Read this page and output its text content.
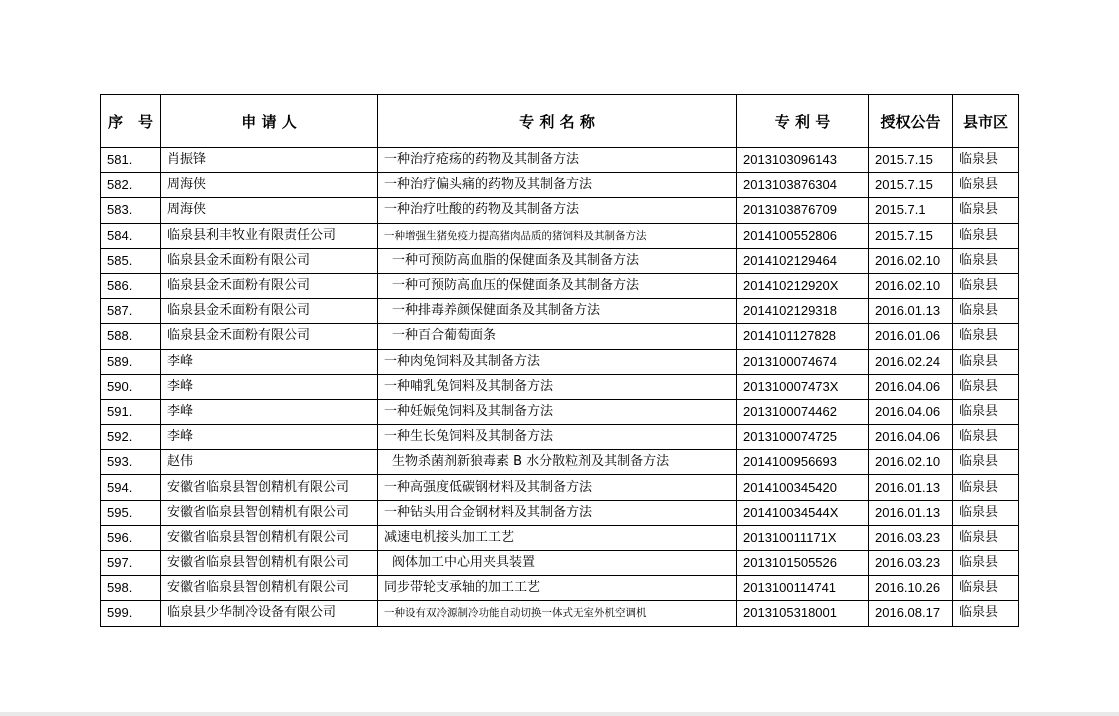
序　号	申 请 人	专 利 名 称	专 利 号	授权公告	县市区
581.	肖振锋	一种治疗疮疡的药物及其制备方法	2013103096143	2015.7.15	临泉县
582.	周海侠	一种治疗偏头痛的药物及其制备方法	2013103876304	2015.7.15	临泉县
583.	周海侠	一种治疗吐酸的药物及其制备方法	2013103876709	2015.7.1	临泉县
584.	临泉县利丰牧业有限责任公司	一种增强生猪免疫力提高猪肉品质的猪饲料及其制备方法	2014100552806	2015.7.15	临泉县
585.	临泉县金禾面粉有限公司	一种可预防高血脂的保健面条及其制备方法	2014102129464	2016.02.10	临泉县
586.	临泉县金禾面粉有限公司	一种可预防高血压的保健面条及其制备方法	201410212920X	2016.02.10	临泉县
587.	临泉县金禾面粉有限公司	一种排毒养颜保健面条及其制备方法	2014102129318	2016.01.13	临泉县
588.	临泉县金禾面粉有限公司	一种百合葡萄面条	2014101127828	2016.01.06	临泉县
589.	李峰	一种肉兔饲料及其制备方法	2013100074674	2016.02.24	临泉县
590.	李峰	一种哺乳兔饲料及其制备方法	201310007473X	2016.04.06	临泉县
591.	李峰	一种妊娠兔饲料及其制备方法	2013100074462	2016.04.06	临泉县
592.	李峰	一种生长兔饲料及其制备方法	2013100074725	2016.04.06	临泉县
593.	赵伟	生物杀菌剂新狼毒素 B 水分散粒剂及其制备方法	2014100956693	2016.02.10	临泉县
594.	安徽省临泉县智创精机有限公司	一种高强度低碳钢材料及其制备方法	2014100345420	2016.01.13	临泉县
595.	安徽省临泉县智创精机有限公司	一种钻头用合金钢材料及其制备方法	201410034544X	2016.01.13	临泉县
596.	安徽省临泉县智创精机有限公司	减速电机接头加工工艺	201310011171X	2016.03.23	临泉县
597.	安徽省临泉县智创精机有限公司	阀体加工中心用夹具装置	2013101505526	2016.03.23	临泉县
598.	安徽省临泉县智创精机有限公司	同步带轮支承轴的加工工艺	2013100114741	2016.10.26	临泉县
599.	临泉县少华制冷设备有限公司	一种设有双冷源制冷功能自动切换一体式无室外机空调机	2013105318001	2016.08.17	临泉县
